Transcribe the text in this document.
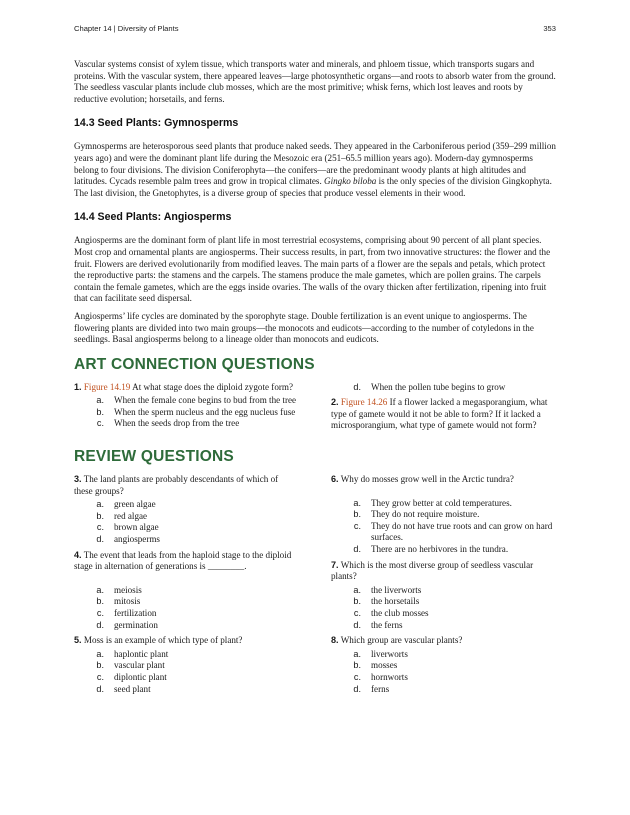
Chapter 14 | Diversity of Plants	353

Vascular systems consist of xylem tissue, which transports water and minerals, and phloem tissue, which transports sugars and proteins. With the vascular system, there appeared leaves—large photosynthetic organs—and roots to absorb water from the ground. The seedless vascular plants include club mosses, which are the most primitive; whisk ferns, which lost leaves and roots by reductive evolution; horsetails, and ferns.

14.3 Seed Plants: Gymnosperms

Gymnosperms are heterosporous seed plants that produce naked seeds. They appeared in the Carboniferous period (359–299 million years ago) and were the dominant plant life during the Mesozoic era (251–65.5 million years ago). Modern-day gymnosperms belong to four divisions. The division Coniferophyta—the conifers—are the predominant woody plants at high altitudes and latitudes. Cycads resemble palm trees and grow in tropical climates. Gingko biloba is the only species of the division Gingkophyta. The last division, the Gnetophytes, is a diverse group of species that produce vessel elements in their wood.

14.4 Seed Plants: Angiosperms

Angiosperms are the dominant form of plant life in most terrestrial ecosystems, comprising about 90 percent of all plant species. Most crop and ornamental plants are angiosperms. Their success results, in part, from two innovative structures: the flower and the fruit. Flowers are derived evolutionarily from modified leaves. The main parts of a flower are the sepals and petals, which protect the reproductive parts: the stamens and the carpels. The stamens produce the male gametes, which are pollen grains. The carpels contain the female gametes, which are the eggs inside ovaries. The walls of the ovary thicken after fertilization, ripening into fruit that can facilitate seed dispersal.

Angiosperms’ life cycles are dominated by the sporophyte stage. Double fertilization is an event unique to angiosperms. The flowering plants are divided into two main groups—the monocots and eudicots—according to the number of cotyledons in the seedlings. Basal angiosperms belong to a lineage older than monocots and eudicots.

ART CONNECTION QUESTIONS

1. Figure 14.19 At what stage does the diploid zygote form?

a.	When the female cone begins to bud from the tree
b.	When the sperm nucleus and the egg nucleus fuse
c.	When the seeds drop from the tree
d.	When the pollen tube begins to grow

2. Figure 14.26 If a flower lacked a megasporangium, what type of gamete would it not be able to form? If it lacked a microsporangium, what type of gamete would not form?

REVIEW QUESTIONS

3. The land plants are probably descendants of which of these groups?

a.	green algae
b.	red algae
c.	brown algae
d.	angiosperms

4. The event that leads from the haploid stage to the diploid stage in alternation of generations is ________.

a.	meiosis
b.	mitosis
c.	fertilization
d.	germination

5. Moss is an example of which type of plant?

a.	haplontic plant
b.	vascular plant
c.	diplontic plant
d.	seed plant

6. Why do mosses grow well in the Arctic tundra?

a.	They grow better at cold temperatures.
b.	They do not require moisture.
c.	They do not have true roots and can grow on hard surfaces.
d.	There are no herbivores in the tundra.

7. Which is the most diverse group of seedless vascular plants?

a.	the liverworts
b.	the horsetails
c.	the club mosses
d.	the ferns

8. Which group are vascular plants?

a.	liverworts
b.	mosses
c.	hornworts
d.	ferns
